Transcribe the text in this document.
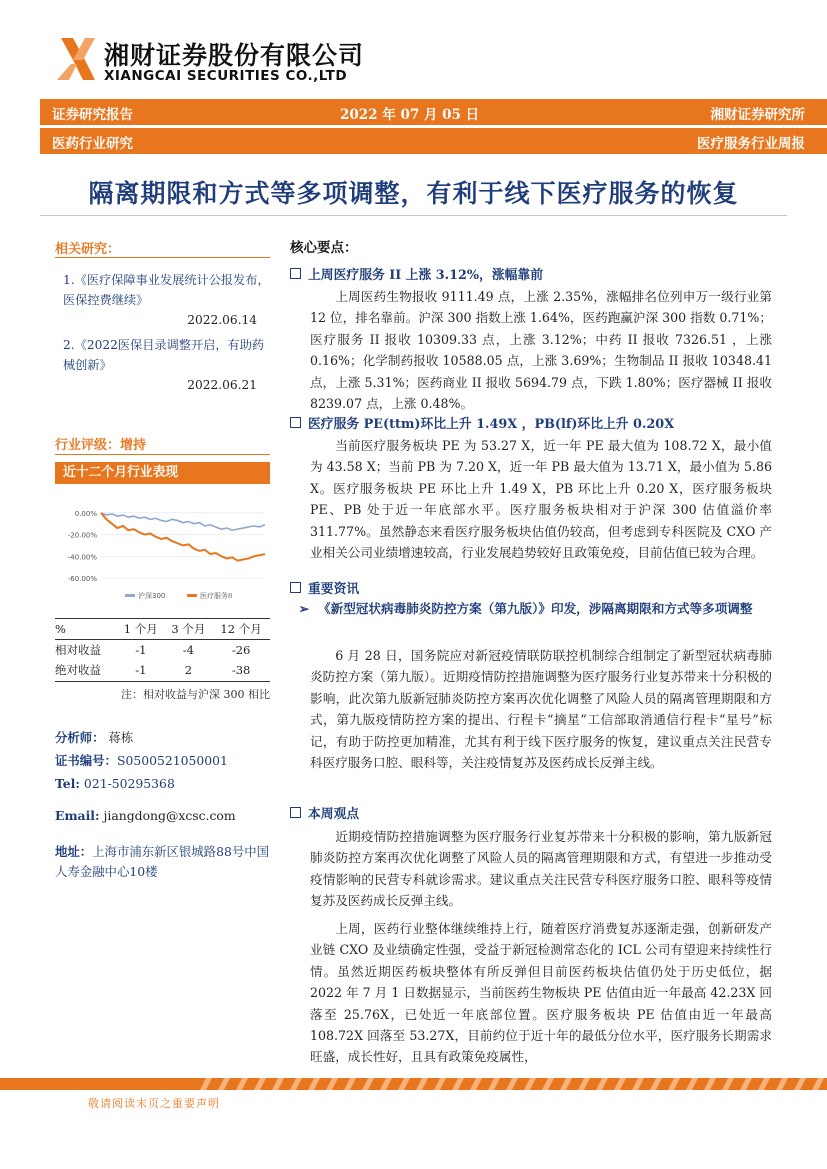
湘财证券股份有限公司
XIANGCAI SECURITIES CO.,LTD
证券研究报告	2022 年 07 月 05 日	湘财证券研究所
医药行业研究	医疗服务行业周报
隔离期限和方式等多项调整，有利于线下医疗服务的恢复
相关研究：
1.《医疗保障事业发展统计公报发布，医保控费继续》
2022.06.14
2.《2022医保目录调整开启，有助药械创新》
2022.06.21
行业评级：增持
近十二个月行业表现
0.00%
-20.00%
-40.00%
-60.00%
沪深300	医疗服务II
%	1 个月	3 个月	12 个月
相对收益	-1	-4	-26
绝对收益	-1	2	-38
注：相对收益与沪深 300 相比
分析师： 蒋栋
证书编号：S0500521050001
Tel: 021-50295368
Email: jiangdong@xcsc.com
地址：上海市浦东新区银城路88号中国人寿金融中心10楼
核心要点：
上周医疗服务 II 上涨 3.12%，涨幅靠前

上周医药生物报收 9111.49 点，上涨 2.35%，涨幅排名位列申万一级行业第 12 位，排名靠前。沪深 300 指数上涨 1.64%，医药跑赢沪深 300 指数 0.71%；医疗服务 II 报收 10309.33 点，上涨 3.12%；中药 II 报收 7326.51 ，上涨 0.16%；化学制药报收 10588.05 点，上涨 3.69%；生物制品 II 报收 10348.41 点，上涨 5.31%；医药商业 II 报收 5694.79 点，下跌 1.80%；医疗器械 II 报收 8239.07 点，上涨 0.48%。

医疗服务 PE(ttm)环比上升 1.49X ，PB(lf)环比上升 0.20X

当前医疗服务板块 PE 为 53.27 X，近一年 PE 最大值为 108.72 X，最小值为 43.58 X；当前 PB 为 7.20 X，近一年 PB 最大值为 13.71 X，最小值为 5.86 X。医疗服务板块 PE 环比上升 1.49 X，PB 环比上升 0.20 X，医疗服务板块 PE、PB 处于近一年底部水平。医疗服务板块相对于沪深 300 估值溢价率 311.77%。虽然静态来看医疗服务板块估值仍较高，但考虑到专科医院及 CXO 产业相关公司业绩增速较高，行业发展趋势较好且政策免疫，目前估值已较为合理。

重要资讯
➢ 《新型冠状病毒肺炎防控方案（第九版）》印发，涉隔离期限和方式等多项调整

6 月 28 日，国务院应对新冠疫情联防联控机制综合组制定了新型冠状病毒肺炎防控方案（第九版）。近期疫情防控措施调整为医疗服务行业复苏带来十分积极的影响，此次第九版新冠肺炎防控方案再次优化调整了风险人员的隔离管理期限和方式，第九版疫情防控方案的提出、行程卡“摘星”工信部取消通信行程卡“星号”标记，有助于防控更加精准，尤其有利于线下医疗服务的恢复，建议重点关注民营专科医疗服务口腔、眼科等，关注疫情复苏及医药成长反弹主线。

本周观点

近期疫情防控措施调整为医疗服务行业复苏带来十分积极的影响，第九版新冠肺炎防控方案再次优化调整了风险人员的隔离管理期限和方式，有望进一步推动受疫情影响的民营专科就诊需求。建议重点关注民营专科医疗服务口腔、眼科等疫情复苏及医药成长反弹主线。

上周，医药行业整体继续维持上行，随着医疗消费复苏逐渐走强，创新研发产业链 CXO 及业绩确定性强，受益于新冠检测常态化的 ICL 公司有望迎来持续性行情。虽然近期医药板块整体有所反弹但目前医药板块估值仍处于历史低位，据 2022 年 7 月 1 日数据显示，当前医药生物板块 PE 估值由近一年最高 42.23X 回落至 25.76X，已处近一年底部位置。医疗服务板块 PE 估值由近一年最高 108.72X 回落至 53.27X，目前约位于近十年的最低分位水平，医疗服务长期需求旺盛，成长性好，且具有政策免疫属性，

敬请阅读末页之重要声明
